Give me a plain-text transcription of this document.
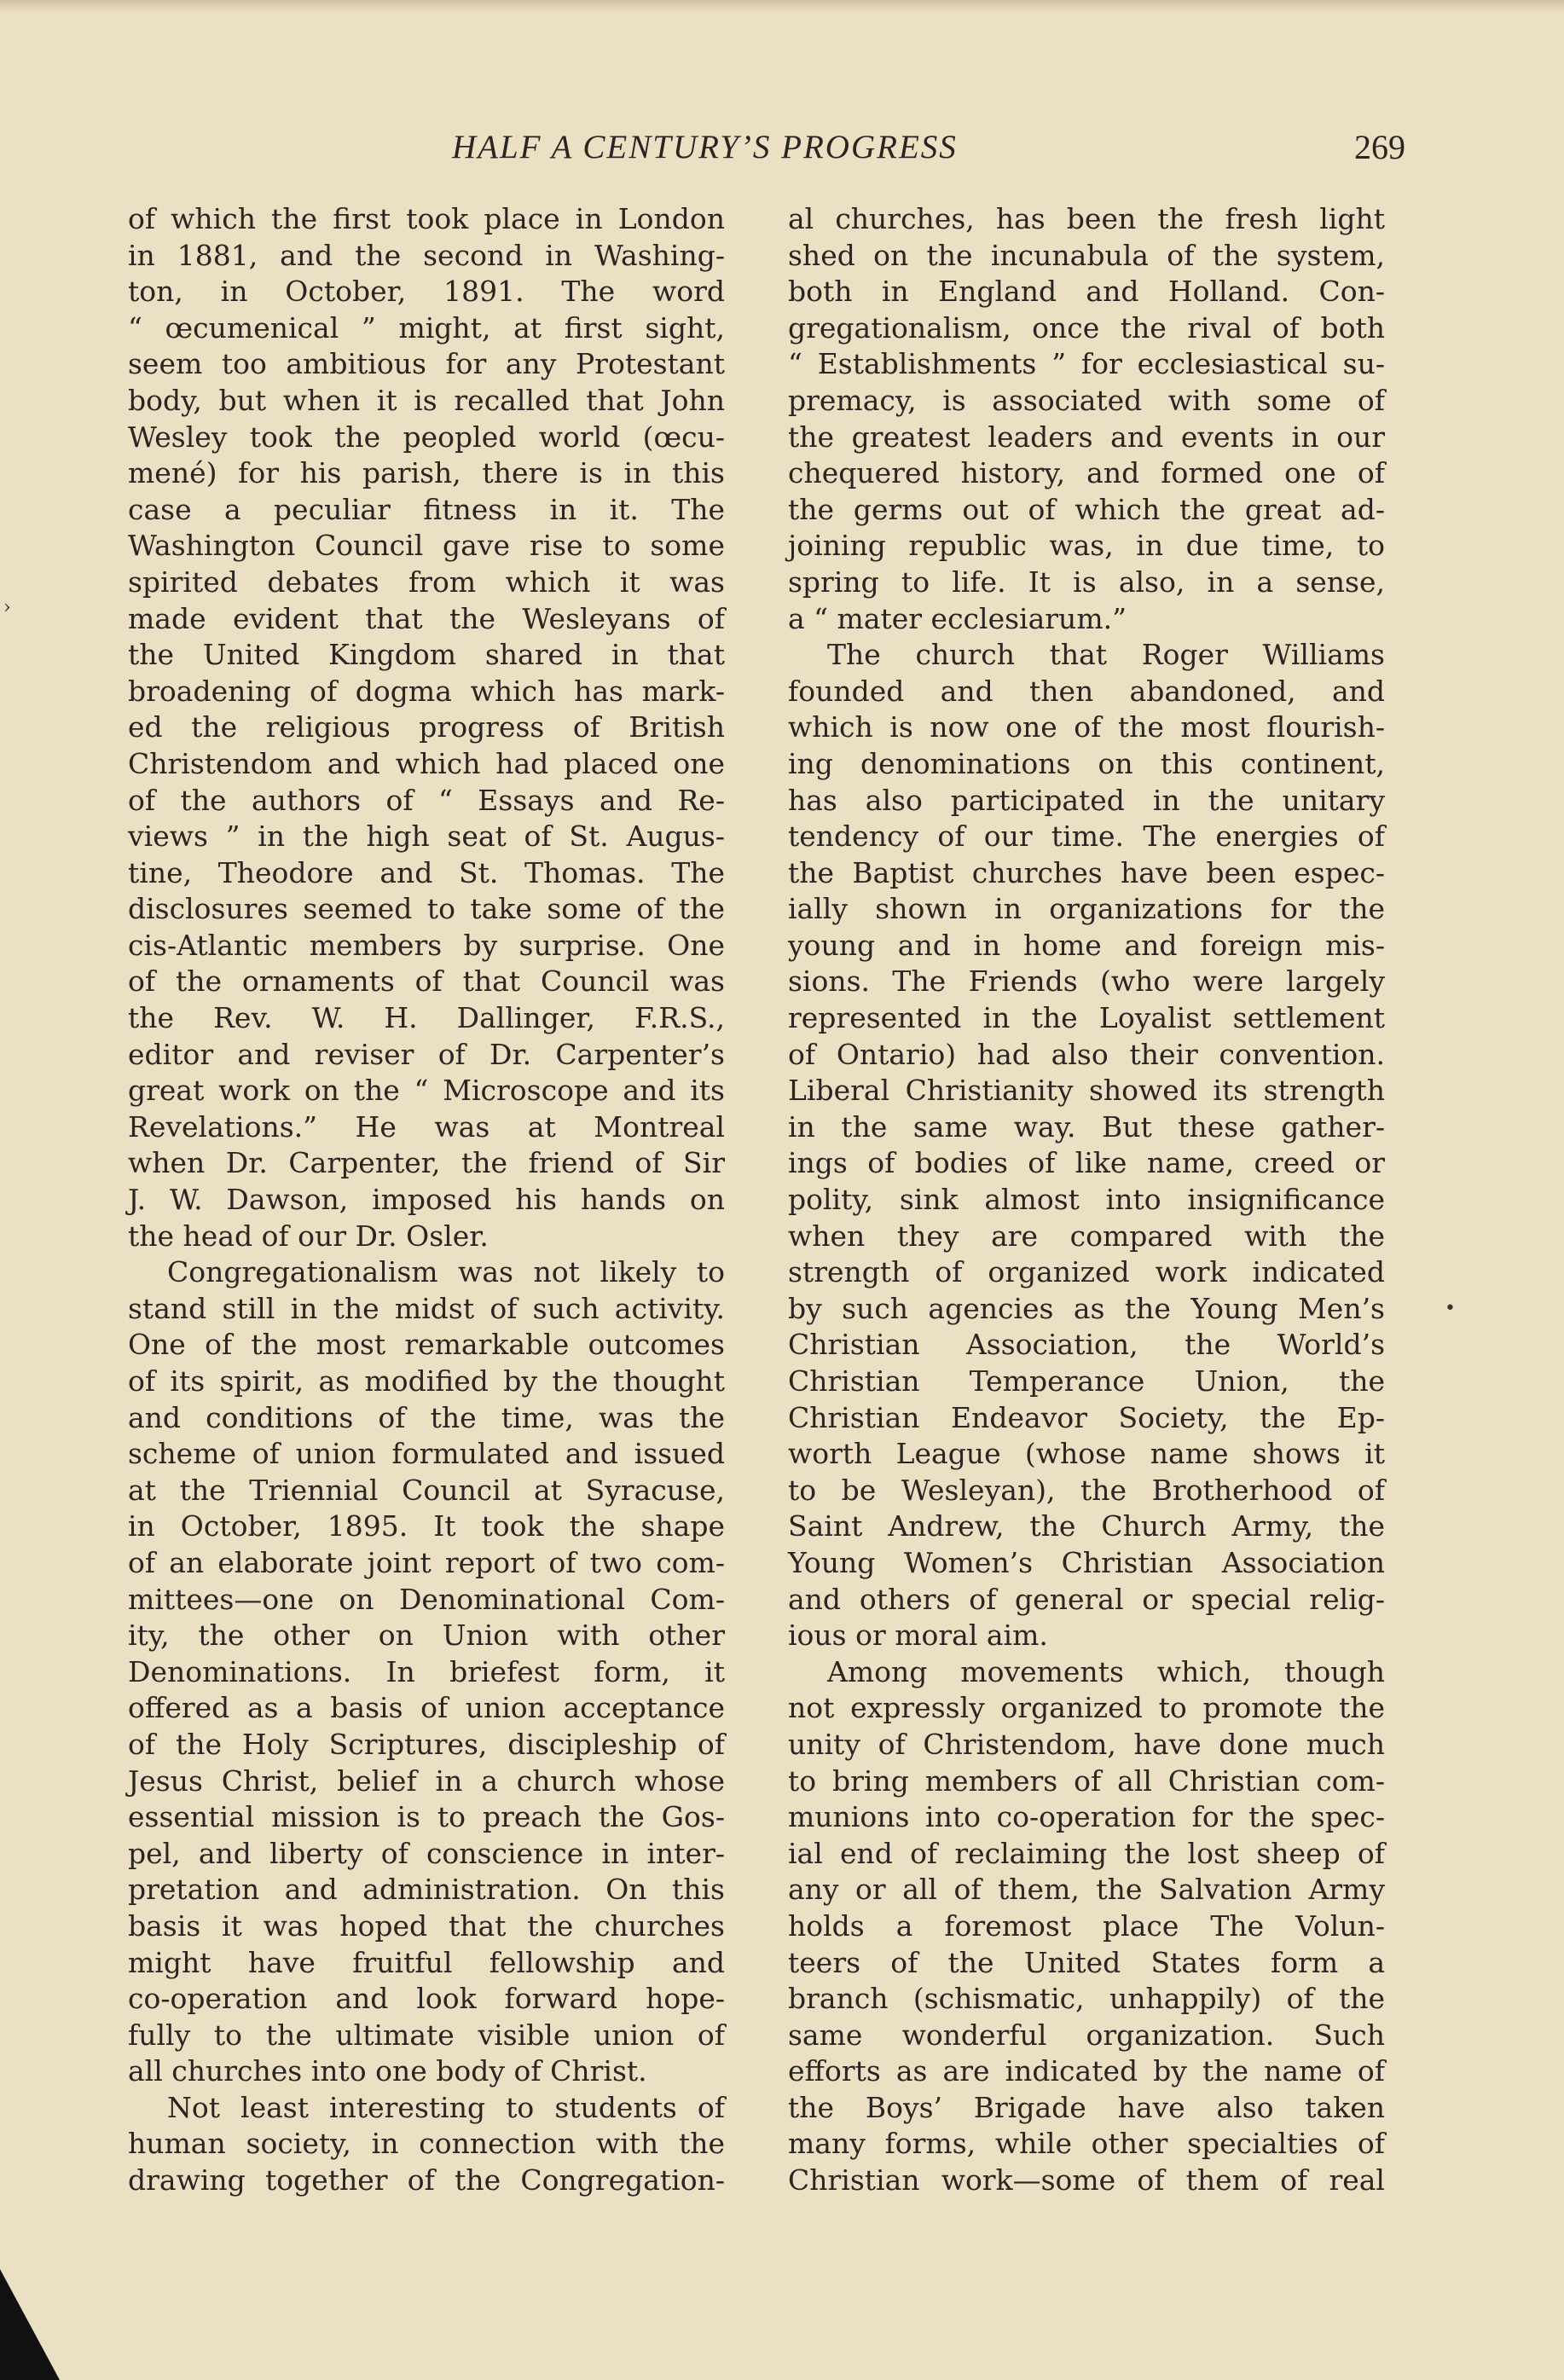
HALF A CENTURY’S PROGRESS	269
of which the first took place in London
in 1881, and the second in Washing-
ton, in October, 1891. The word
“ œcumenical ” might, at first sight,
seem too ambitious for any Protestant
body, but when it is recalled that John
Wesley took the peopled world (œcu-
mené) for his parish, there is in this
case a peculiar fitness in it. The
Washington Council gave rise to some
spirited debates from which it was
made evident that the Wesleyans of
the United Kingdom shared in that
broadening of dogma which has mark-
ed the religious progress of British
Christendom and which had placed one
of the authors of “ Essays and Re-
views ” in the high seat of St. Augus-
tine, Theodore and St. Thomas. The
disclosures seemed to take some of the
cis-Atlantic members by surprise. One
of the ornaments of that Council was
the Rev. W. H. Dallinger, F.R.S.,
editor and reviser of Dr. Carpenter’s
great work on the “ Microscope and its
Revelations.” He was at Montreal
when Dr. Carpenter, the friend of Sir
J. W. Dawson, imposed his hands on
the head of our Dr. Osler.
Congregationalism was not likely to
stand still in the midst of such activity.
One of the most remarkable outcomes
of its spirit, as modified by the thought
and conditions of the time, was the
scheme of union formulated and issued
at the Triennial Council at Syracuse,
in October, 1895. It took the shape
of an elaborate joint report of two com-
mittees—one on Denominational Com-
ity, the other on Union with other
Denominations. In briefest form, it
offered as a basis of union acceptance
of the Holy Scriptures, discipleship of
Jesus Christ, belief in a church whose
essential mission is to preach the Gos-
pel, and liberty of conscience in inter-
pretation and administration. On this
basis it was hoped that the churches
might have fruitful fellowship and
co-operation and look forward hope-
fully to the ultimate visible union of
all churches into one body of Christ.
Not least interesting to students of
human society, in connection with the
drawing together of the Congregation-
al churches, has been the fresh light
shed on the incunabula of the system,
both in England and Holland. Con-
gregationalism, once the rival of both
“ Establishments ” for ecclesiastical su-
premacy, is associated with some of
the greatest leaders and events in our
chequered history, and formed one of
the germs out of which the great ad-
joining republic was, in due time, to
spring to life. It is also, in a sense,
a “ mater ecclesiarum.”
The church that Roger Williams
founded and then abandoned, and
which is now one of the most flourish-
ing denominations on this continent,
has also participated in the unitary
tendency of our time. The energies of
the Baptist churches have been espec-
ially shown in organizations for the
young and in home and foreign mis-
sions. The Friends (who were largely
represented in the Loyalist settlement
of Ontario) had also their convention.
Liberal Christianity showed its strength
in the same way. But these gather-
ings of bodies of like name, creed or
polity, sink almost into insignificance
when they are compared with the
strength of organized work indicated
by such agencies as the Young Men’s
Christian Association, the World’s
Christian Temperance Union, the
Christian Endeavor Society, the Ep-
worth League (whose name shows it
to be Wesleyan), the Brotherhood of
Saint Andrew, the Church Army, the
Young Women’s Christian Association
and others of general or special relig-
ious or moral aim.
Among movements which, though
not expressly organized to promote the
unity of Christendom, have done much
to bring members of all Christian com-
munions into co-operation for the spec-
ial end of reclaiming the lost sheep of
any or all of them, the Salvation Army
holds a foremost place The Volun-
teers of the United States form a
branch (schismatic, unhappily) of the
same wonderful organization. Such
efforts as are indicated by the name of
the Boys’ Brigade have also taken
many forms, while other specialties of
Christian work—some of them of real
›
•
